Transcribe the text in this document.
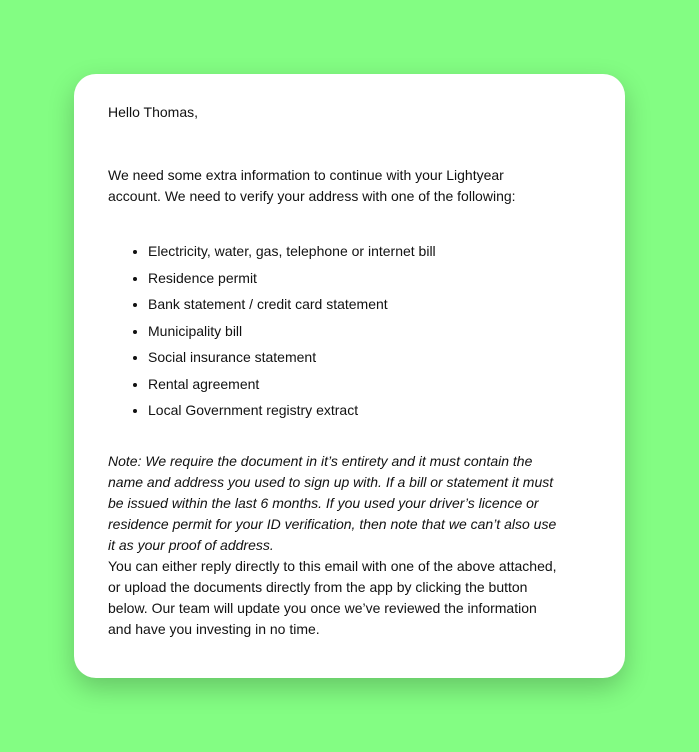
Hello Thomas,

We need some extra information to continue with your Lightyear account. We need to verify your address with one of the following:

• Electricity, water, gas, telephone or internet bill
• Residence permit
• Bank statement / credit card statement
• Municipality bill
• Social insurance statement
• Rental agreement
• Local Government registry extract

Note: We require the document in it’s entirety and it must contain the name and address you used to sign up with. If a bill or statement it must be issued within the last 6 months. If you used your driver’s licence or residence permit for your ID verification, then note that we can’t also use it as your proof of address.

You can either reply directly to this email with one of the above attached, or upload the documents directly from the app by clicking the button below. Our team will update you once we’ve reviewed the information and have you investing in no time.
